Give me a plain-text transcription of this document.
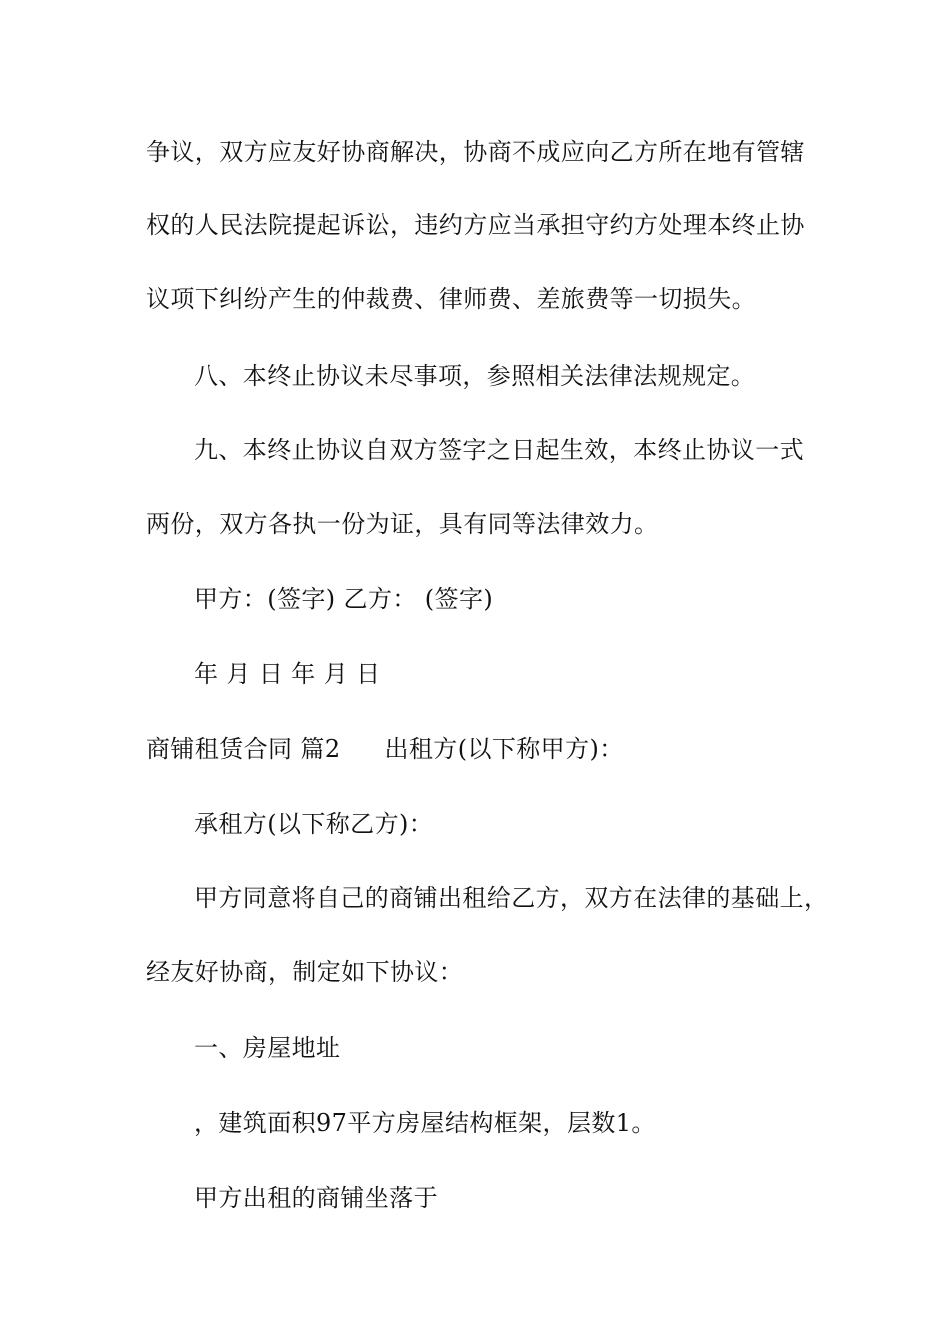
争议，双方应友好协商解决，协商不成应向乙方所在地有管辖
权的人民法院提起诉讼，违约方应当承担守约方处理本终止协
议项下纠纷产生的仲裁费、律师费、差旅费等一切损失。
八、本终止协议未尽事项，参照相关法律法规规定。
九、本终止协议自双方签字之日起生效，本终止协议一式
两份，双方各执一份为证，具有同等法律效力。
甲方：(签字) 乙方： (签字)
年 月 日 年 月 日
商铺租赁合同 篇2 出租方(以下称甲方)：
承租方(以下称乙方)：
甲方同意将自己的商铺出租给乙方，双方在法律的基础上，
经友好协商，制定如下协议：
一、房屋地址
，建筑面积97平方房屋结构框架，层数1。
甲方出租的商铺坐落于
